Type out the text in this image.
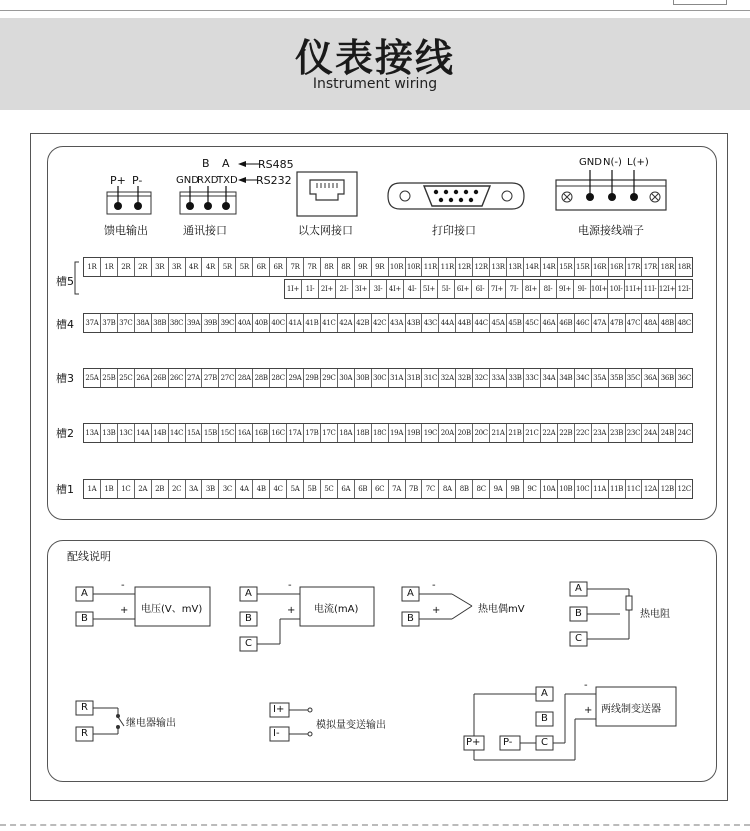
仪表接线
Instrument wiring
P+ P-
馈电输出
B A	RS485
RS232
GND
RXD
TXD
通讯接口	以太网接口	打印接口
GND N(-) L(+)
电源接线端子
槽5
槽4
槽3
槽2
槽1
1R	1R	2R	2R	3R	3R	4R	4R	5R	5R	6R	6R	7R	7R	8R	8R	9R	9R 10R 10R 11R 11R 12R 12R 13R 13R 14R 14R 15R 15R 16R 16R 17R 17R 18R 18R
1I+ 1I- 2I+ 2I- 3I+ 3I- 4I+ 4I- 5I+ 5I- 6I+ 6I- 7I+ 7I- 8I+ 8I- 9I+ 9I- 10I+ 10I- 11I+ 11I- 12I+ 12I-
37A 37B 37C 38A 38B 38C 39A 39B 39C 40A 40B 40C 41A 41B 41C 42A 42B 42C 43A 43B 43C 44A 44B 44C 45A 45B 45C 46A 46B 46C 47A 47B 47C 48A 48B 48C
25A 25B 25C 26A 26B 26C 27A 27B 27C 28A 28B 28C 29A 29B 29C 30A 30B 30C 31A 31B 31C 32A 32B 32C 33A 33B 33C 34A 34B 34C 35A 35B 35C 36A 36B 36C
13A 13B 13C 14A 14B 14C 15A 15B 15C 16A 16B 16C 17A 17B 17C 18A 18B 18C 19A 19B 19C 20A 20B 20C 21A 21B 21C 22A 22B 22C 23A 23B 23C 24A 24B 24C
1A	1B	1C	2A	2B	2C	3A	3B	3C	4A	4B	4C	5A	5B	5C	6A	6B	6C	7A	7B	7C	8A	8B	8C	9A	9B	9C 10A 10B 10C 11A 11B 11C 12A 12B 12C
配线说明
A
B
-
+ 电压(V、mV)
A
B
C
-
+ 电流(mA)
A
B
-
+	热电偶mV
A
B
C
热电阻
R
R
继电器输出
I+
I-
模拟量变送输出
A
B
C
P+ P-
-
+ 两线制变送器
